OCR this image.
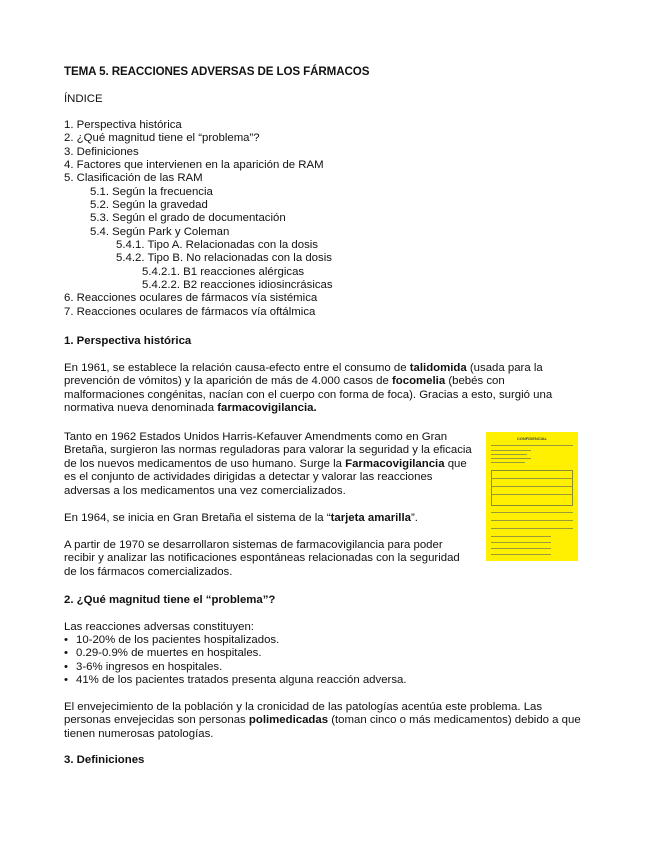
TEMA 5. REACCIONES ADVERSAS DE LOS FÁRMACOS
ÍNDICE
1. Perspectiva histórica
2. ¿Qué magnitud tiene el “problema”?
3. Definiciones
4. Factores que intervienen en la aparición de RAM
5. Clasificación de las RAM
5.1. Según la frecuencia
5.2. Según la gravedad
5.3. Según el grado de documentación
5.4. Según Park y Coleman
5.4.1. Tipo A. Relacionadas con la dosis
5.4.2. Tipo B. No relacionadas con la dosis
5.4.2.1. B1 reacciones alérgicas
5.4.2.2. B2 reacciones idiosincrásicas
6. Reacciones oculares de fármacos vía sistémica
7. Reacciones oculares de fármacos vía oftálmica
1. Perspectiva histórica

En 1961, se establece la relación causa-efecto entre el consumo de talidomida (usada para la prevención de vómitos) y la aparición de más de 4.000 casos de focomelia (bebés con malformaciones congénitas, nacían con el cuerpo con forma de foca). Gracias a esto, surgió una normativa nueva denominada farmacovigilancia.

Tanto en 1962 Estados Unidos Harris-Kefauver Amendments como en Gran Bretaña, surgieron las normas reguladoras para valorar la seguridad y la eficacia de los nuevos medicamentos de uso humano. Surge la Farmacovigilancia que es el conjunto de actividades dirigidas a detectar y valorar las reacciones adversas a los medicamentos una vez comercializados.

En 1964, se inicia en Gran Bretaña el sistema de la “tarjeta amarilla”.

A partir de 1970 se desarrollaron sistemas de farmacovigilancia para poder recibir y analizar las notificaciones espontáneas relacionadas con la seguridad de los fármacos comercializados.

CONFIDENCIAL
2. ¿Qué magnitud tiene el “problema”?

Las reacciones adversas constituyen:

• 10-20% de los pacientes hospitalizados.
• 0.29-0.9% de muertes en hospitales.
• 3-6% ingresos en hospitales.
• 41% de los pacientes tratados presenta alguna reacción adversa.

El envejecimiento de la población y la cronicidad de las patologías acentúa este problema. Las personas envejecidas son personas polimedicadas (toman cinco o más medicamentos) debido a que tienen numerosas patologías.

3. Definiciones
